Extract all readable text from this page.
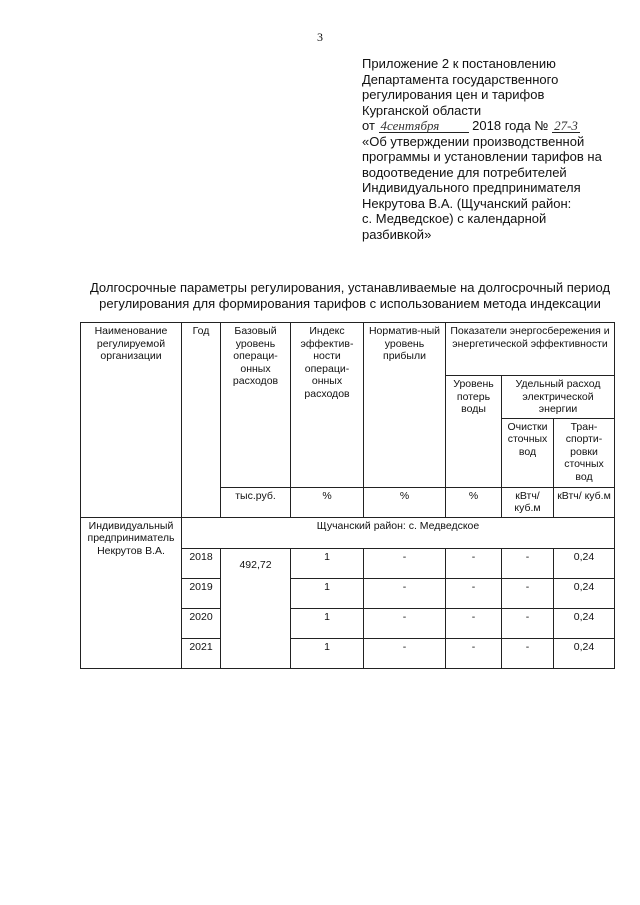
3
Приложение 2 к постановлению
Департамента государственного
регулирования цен и тарифов
Курганской области
от 4сентября	2018 года № 27-3
«Об утверждении производственной
программы и установлении тарифов на
водоотведение для потребителей
Индивидуального предпринимателя
Некрутова В.А. (Щучанский район:
с. Медведское) с календарной
разбивкой»
Долгосрочные параметры регулирования, устанавливаемые на долгосрочный период
регулирования для формирования тарифов с использованием метода индексации
Наименование регулируемой организации	Год	Базовый уровень операци-онных расходов	Индекс эффектив-ности операци-онных расходов	Норматив-ный уровень прибыли	Показатели энергосбережения и энергетической эффективности		
					Уровень потерь воды	Удельный расход электрической энергии	
						Очистки сточных вод	Тран-спорти-ровки сточных вод
		тыс.руб.	%	%	%	кВтч/ куб.м	кВтч/ куб.м
Индивидуальный предприниматель Некрутов В.А.	Щучанский район: с. Медведское						
	2018	492,72	1	-	-	-	0,24
	2019		1	-	-	-	0,24
	2020		1	-	-	-	0,24
	2021		1	-	-	-	0,24
